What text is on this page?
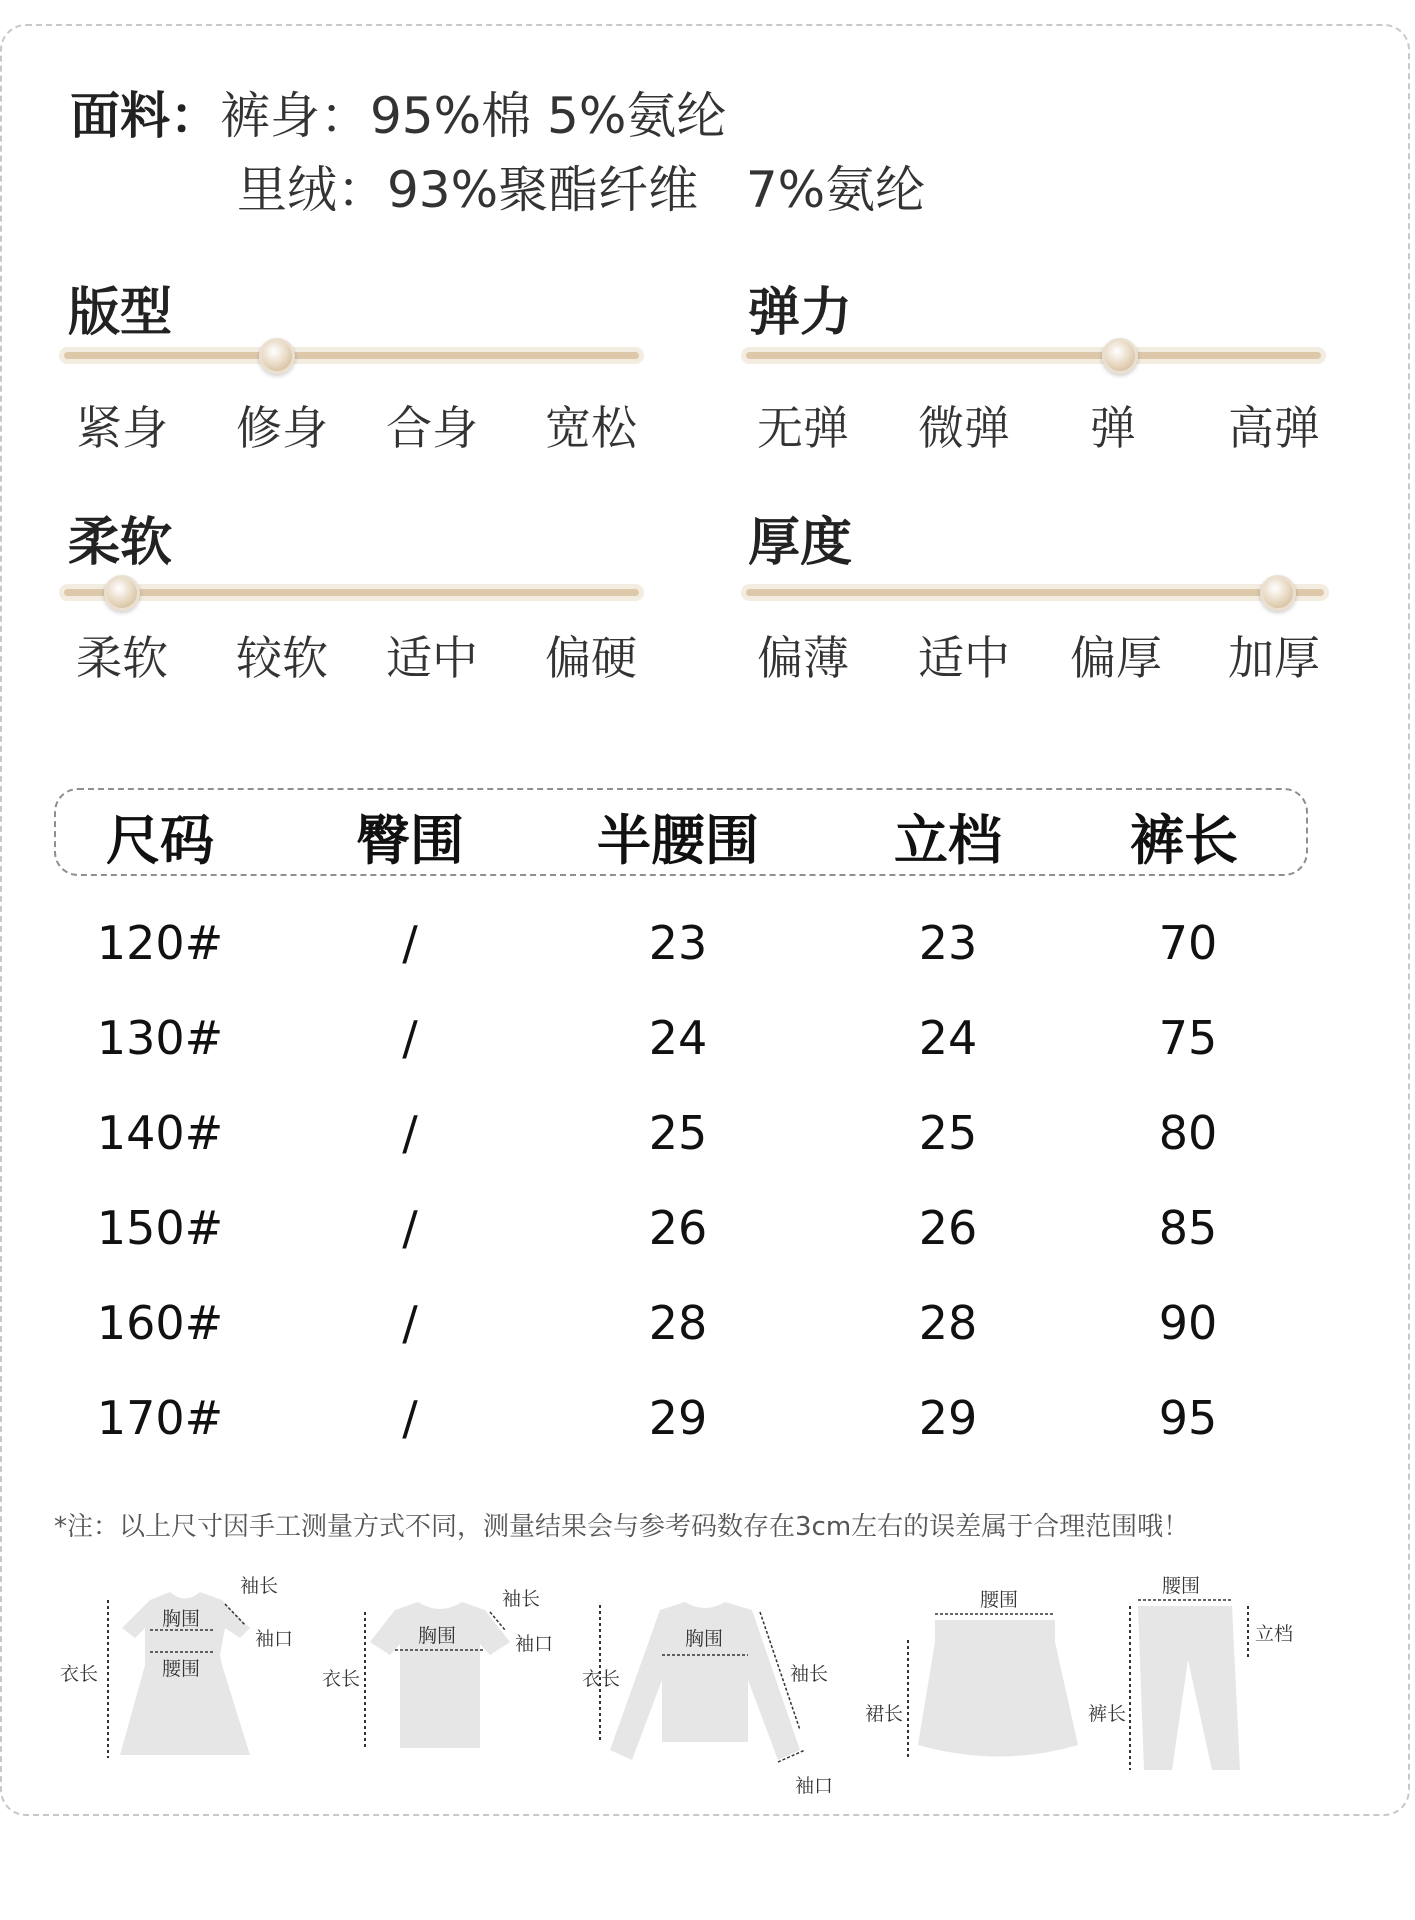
面料：裤身：95%棉 5%氨纶
里绒：93%聚酯纤维   7%氨纶
版型
紧身 修身 合身 宽松
弹力
无弹 微弹 弹 高弹
柔软
柔软 较软 适中 偏硬
厚度
偏薄 适中 偏厚 加厚
尺码	臀围 半腰围	立档 裤长
120#	/	23	23	70
130#	/	24	24	75
140#	/	25	25	80
150#	/	26	26	85
160#	/	28	28	90
170#	/	29	29	95
*注：以上尺寸因手工测量方式不同，测量结果会与参考码数存在3cm左右的误差属于合理范围哦！
胸围
腰围
衣长
袖长
袖口	胸围
衣长
袖长
袖口	胸围
衣长	袖长
袖口
腰围
裙长
腰围
立档
裤长
